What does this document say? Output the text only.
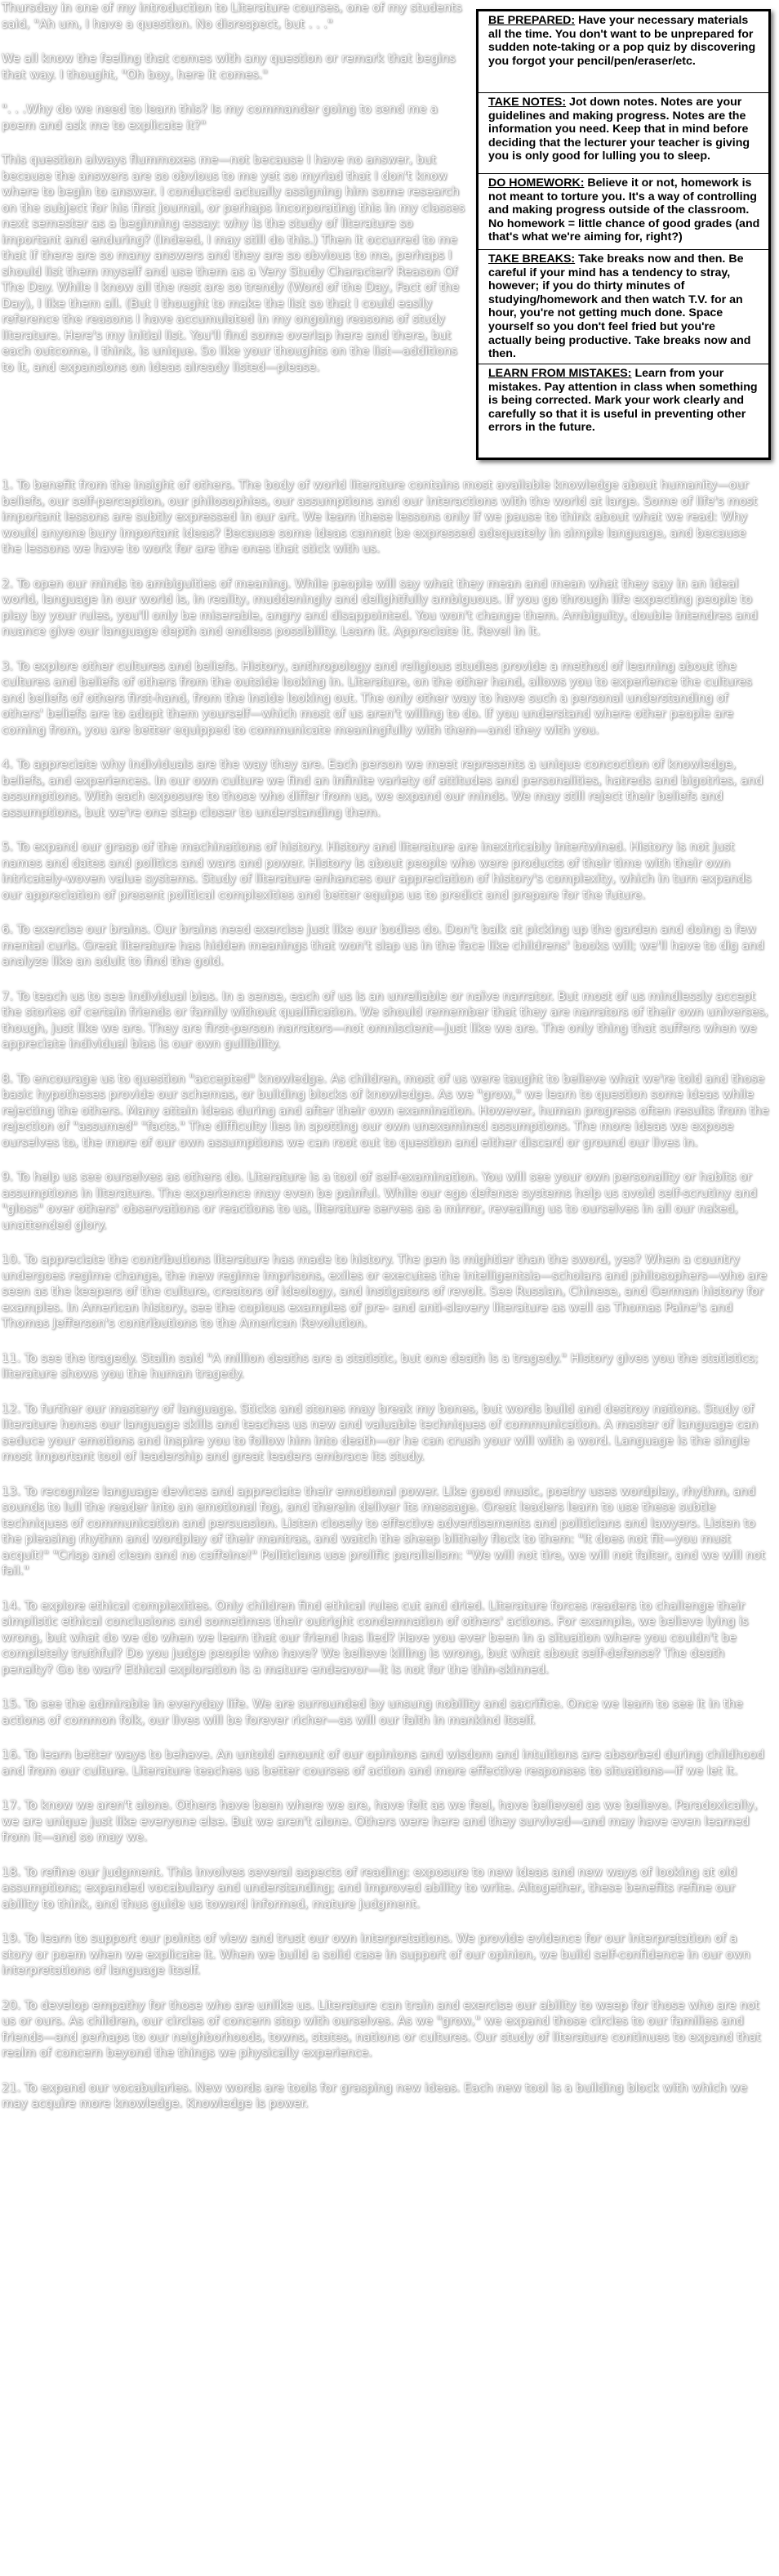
Thursday in one of my introduction to Literature courses, one of my students said, "Ah um, I have a question. No disrespect, but . . ."

We all know the feeling that comes with any question or remark that begins that way. I thought, "Oh boy, here it comes."

". . .Why do we need to learn this? Is my commander going to send me a poem and ask me to explicate it?"

This question always flummoxes me—not because I have no answer, but because the answers are so obvious to me yet so myriad that I don't know where to begin to answer. I conducted actually assigning him some research on the subject for his first journal, or perhaps incorporating this in my classes next semester as a beginning essay: why is the study of literature so important and enduring? (Indeed, I may still do this.) Then it occurred to me that if there are so many answers and they are so obvious to me, perhaps I should list them myself and use them as a Very Study Character? Reason Of The Day. While I know all the rest are so trendy (Word of the Day, Fact of the Day), I like them all. (But I thought to make the list so that I could easily reference the reasons I have accumulated in my ongoing reasons of study literature. Here's my initial list. You'll find some overlap here and there, but each outcome, I think, is unique. So like your thoughts on the list—additions to it, and expansions on ideas already listed—please.

1. To benefit from the insight of others. The body of world literature contains most available knowledge about humanity—our beliefs, our self-perception, our philosophies, our assumptions and our interactions with the world at large. Some of life's most important lessons are subtly expressed in our art. We learn these lessons only if we pause to think about what we read: Why would anyone bury important ideas? Because some ideas cannot be expressed adequately in simple language, and because the lessons we have to work for are the ones that stick with us.

2. To open our minds to ambiguities of meaning. While people will say what they mean and mean what they say in an ideal world, language in our world is, in reality, muddeningly and delightfully ambiguous. If you go through life expecting people to play by your rules, you'll only be miserable, angry and disappointed. You won't change them. Ambiguity, double intendres and nuance give our language depth and endless possibility. Learn it. Appreciate it. Revel in it.

3. To explore other cultures and beliefs. History, anthropology and religious studies provide a method of learning about the cultures and beliefs of others from the outside looking in. Literature, on the other hand, allows you to experience the cultures and beliefs of others first-hand, from the inside looking out. The only other way to have such a personal understanding of others' beliefs are to adopt them yourself—which most of us aren't willing to do. If you understand where other people are coming from, you are better equipped to communicate meaningfully with them—and they with you.

4. To appreciate why individuals are the way they are. Each person we meet represents a unique concoction of knowledge, beliefs, and experiences. In our own culture we find an infinite variety of attitudes and personalities, hatreds and bigotries, and assumptions. With each exposure to those who differ from us, we expand our minds. We may still reject their beliefs and assumptions, but we're one step closer to understanding them.

5. To expand our grasp of the machinations of history. History and literature are inextricably intertwined. History is not just names and dates and politics and wars and power. History is about people who were products of their time with their own intricately-woven value systems. Study of literature enhances our appreciation of history's complexity, which in turn expands our appreciation of present political complexities and better equips us to predict and prepare for the future.

6. To exercise our brains. Our brains need exercise just like our bodies do. Don't balk at picking up the garden and doing a few mental curls. Great literature has hidden meanings that won't slap us in the face like childrens' books will; we'll have to dig and analyze like an adult to find the gold.

7. To teach us to see individual bias. In a sense, each of us is an unreliable or naïve narrator. But most of us mindlessly accept the stories of certain friends or family without qualification. We should remember that they are narrators of their own universes, though, just like we are. They are first-person narrators—not omniscient—just like we are. The only thing that suffers when we appreciate individual bias is our own gullibility.

8. To encourage us to question "accepted" knowledge. As children, most of us were taught to believe what we're told and those basic hypotheses provide our schemas, or building blocks of knowledge. As we "grow," we learn to question some ideas while rejecting the others. Many attain ideas during and after their own examination. However, human progress often results from the rejection of "assumed" "facts." The difficulty lies in spotting our own unexamined assumptions. The more ideas we expose ourselves to, the more of our own assumptions we can root out to question and either discard or ground our lives in.

9. To help us see ourselves as others do. Literature is a tool of self-examination. You will see your own personality or habits or assumptions in literature. The experience may even be painful. While our ego defense systems help us avoid self-scrutiny and "gloss" over others' observations or reactions to us, literature serves as a mirror, revealing us to ourselves in all our naked, unattended glory.

10. To appreciate the contributions literature has made to history. The pen is mightier than the sword, yes? When a country undergoes regime change, the new regime imprisons, exiles or executes the intelligentsia—scholars and philosophers—who are seen as the keepers of the culture, creators of ideology, and instigators of revolt. See Russian, Chinese, and German history for examples. In American history, see the copious examples of pre- and anti-slavery literature as well as Thomas Paine's and Thomas Jefferson's contributions to the American Revolution.

11. To see the tragedy. Stalin said "A million deaths are a statistic, but one death is a tragedy." History gives you the statistics; literature shows you the human tragedy.

12. To further our mastery of language. Sticks and stones may break my bones, but words build and destroy nations. Study of literature hones our language skills and teaches us new and valuable techniques of communication. A master of language can seduce your emotions and inspire you to follow him into death—or he can crush your will with a word. Language is the single most important tool of leadership and great leaders embrace its study.

13. To recognize language devices and appreciate their emotional power. Like good music, poetry uses wordplay, rhythm, and sounds to lull the reader into an emotional fog, and therein deliver its message. Great leaders learn to use these subtle techniques of communication and persuasion. Listen closely to effective advertisements and politicians and lawyers. Listen to the pleasing rhythm and wordplay of their mantras, and watch the sheep blithely flock to them: "It does not fit—you must acquit!" "Crisp and clean and no caffeine!" Politicians use prolific parallelism: "We will not tire, we will not falter, and we will not fail."

14. To explore ethical complexities. Only children find ethical rules cut and dried. Literature forces readers to challenge their simplistic ethical conclusions and sometimes their outright condemnation of others' actions. For example, we believe lying is wrong, but what do we do when we learn that our friend has lied? Have you ever been in a situation where you couldn't be completely truthful? Do you judge people who have? We believe killing is wrong, but what about self-defense? The death penalty? Go to war? Ethical exploration is a mature endeavor—it is not for the thin-skinned.

15. To see the admirable in everyday life. We are surrounded by unsung nobility and sacrifice. Once we learn to see it in the actions of common folk, our lives will be forever richer—as will our faith in mankind itself.

16. To learn better ways to behave. An untold amount of our opinions and wisdom and intuitions are absorbed during childhood and from our culture. Literature teaches us better courses of action and more effective responses to situations—if we let it.

17. To know we aren't alone. Others have been where we are, have felt as we feel, have believed as we believe. Paradoxically, we are unique just like everyone else. But we aren't alone. Others were here and they survived—and may have even learned from it—and so may we.

18. To refine our judgment. This involves several aspects of reading: exposure to new ideas and new ways of looking at old assumptions; expanded vocabulary and understanding; and improved ability to write. Altogether, these benefits refine our ability to think, and thus guide us toward informed, mature judgment.

19. To learn to support our points of view and trust our own interpretations. We provide evidence for our interpretation of a story or poem when we explicate it. When we build a solid case in support of our opinion, we build self-confidence in our own interpretations of language itself.

20. To develop empathy for those who are unlike us. Literature can train and exercise our ability to weep for those who are not us or ours. As children, our circles of concern stop with ourselves. As we "grow," we expand those circles to our families and friends—and perhaps to our neighborhoods, towns, states, nations or cultures. Our study of literature continues to expand that realm of concern beyond the things we physically experience.

21. To expand our vocabularies. New words are tools for grasping new ideas. Each new tool is a building block with which we may acquire more knowledge. Knowledge is power.

BE PREPARED: Have your necessary materials all the time. You don't want to be unprepared for sudden note-taking or a pop quiz by discovering you forgot your pencil/pen/eraser/etc.
TAKE NOTES: Jot down notes. Notes are your guidelines and making progress. Notes are the information you need. Keep that in mind before deciding that the lecturer your teacher is giving you is only good for lulling you to sleep.
DO HOMEWORK: Believe it or not, homework is not meant to torture you. It's a way of controlling and making progress outside of the classroom. No homework = little chance of good grades (and that's what we're aiming for, right?)
TAKE BREAKS: Take breaks now and then. Be careful if your mind has a tendency to stray, however; if you do thirty minutes of studying/homework and then watch T.V. for an hour, you're not getting much done. Space yourself so you don't feel fried but you're actually being productive. Take breaks now and then.
LEARN FROM MISTAKES: Learn from your mistakes. Pay attention in class when something is being corrected. Mark your work clearly and carefully so that it is useful in preventing other errors in the future.
